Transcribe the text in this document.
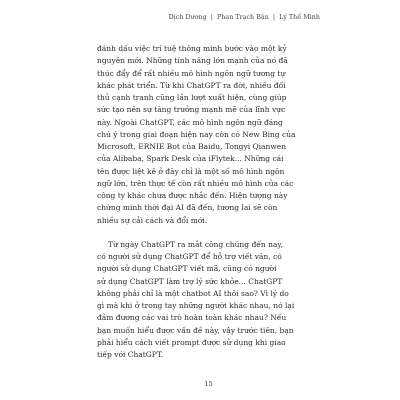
Dịch Dương | Phan Trạch Bân | Lý Thế Minh
đánh dấu việc trí tuệ thông minh bước vào một kỷ
nguyên mới. Những tính năng lớn mạnh của nó đã
thúc đẩy để rất nhiều mô hình ngôn ngữ tương tự
khác phát triển. Từ khi ChatGPT ra đời, nhiều đối
thủ cạnh tranh cũng lần lượt xuất hiện, cùng giúp
sức tạo nên sự tăng trưởng mạnh mẽ của lĩnh vực
này. Ngoài ChatGPT, các mô hình ngôn ngữ đáng
chú ý trong giai đoạn hiện nay còn có New Bing của
Microsoft, ERNIE Bot của Baidu, Tongyi Qianwen
của Alibaba, Spark Desk của iFlytek... Những cái
tên được liệt kê ở đây chỉ là một số mô hình ngôn
ngữ lớn, trên thực tế còn rất nhiều mô hình của các
công ty khác chưa được nhắc đến. Hiện tượng này
chứng minh thời đại AI đã đến, tương lai sẽ còn
nhiều sự cải cách và đổi mới.
Từ ngày ChatGPT ra mắt công chúng đến nay,
có người sử dụng ChatGPT để hỗ trợ viết văn, có
người sử dụng ChatGPT viết mã, cũng có người
sử dụng ChatGPT làm trợ lý sức khỏe... ChatGPT
không phải chỉ là một chatbot AI thôi sao? Vì lý do
gì mà khi ở trong tay những người khác nhau, nó lại
đảm đương các vai trò hoàn toàn khác nhau? Nếu
bạn muốn hiểu được vấn đề này, vậy trước tiên, bạn
phải hiểu cách viết prompt được sử dụng khi giao
tiếp với ChatGPT.
15
